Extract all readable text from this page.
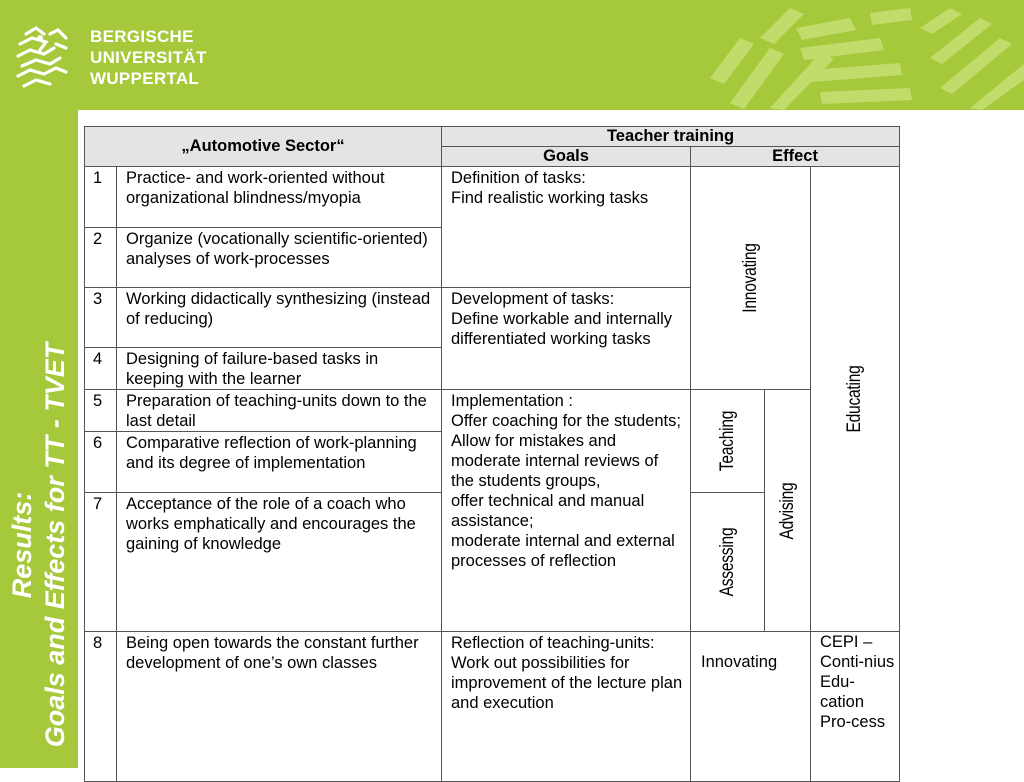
BERGISCHE
UNIVERSITÄT
WUPPERTAL
Results: Goals and Effects for TT - TVET
„Automotive Sector“		Teacher training			
		Goals	Effect		
1	Practice- and work-oriented without organizational blindness/myopia	Definition of tasks:
Find realistic working tasks	Innovating		Educating

2	Organize (vocationally scientific-oriented) analyses of work-processes				
3	Working didactically synthesizing (instead of reducing)	Development of tasks:
Define workable and internally differentiated working tasks			

4	Designing of failure-based tasks in keeping with the learner				
5	Preparation of teaching-units down to the last detail	Implementation :
Offer coaching for the students;
Allow for mistakes and moderate internal reviews of the students groups,
offer technical and manual assistance;
moderate internal and external processes of reflection	Teaching	Advising	

6	Comparative reflection of work-planning and its degree of implementation				
7	Acceptance of the role of a coach who works emphatically and encourages the gaining of knowledge		Assessing		

8	Being open towards the constant further development of one’s own classes	Reflection of teaching-units:
Work out possibilities for improvement of the lecture plan and execution	Innovating		CEPI – Conti-nius Edu-cation Pro-cess
